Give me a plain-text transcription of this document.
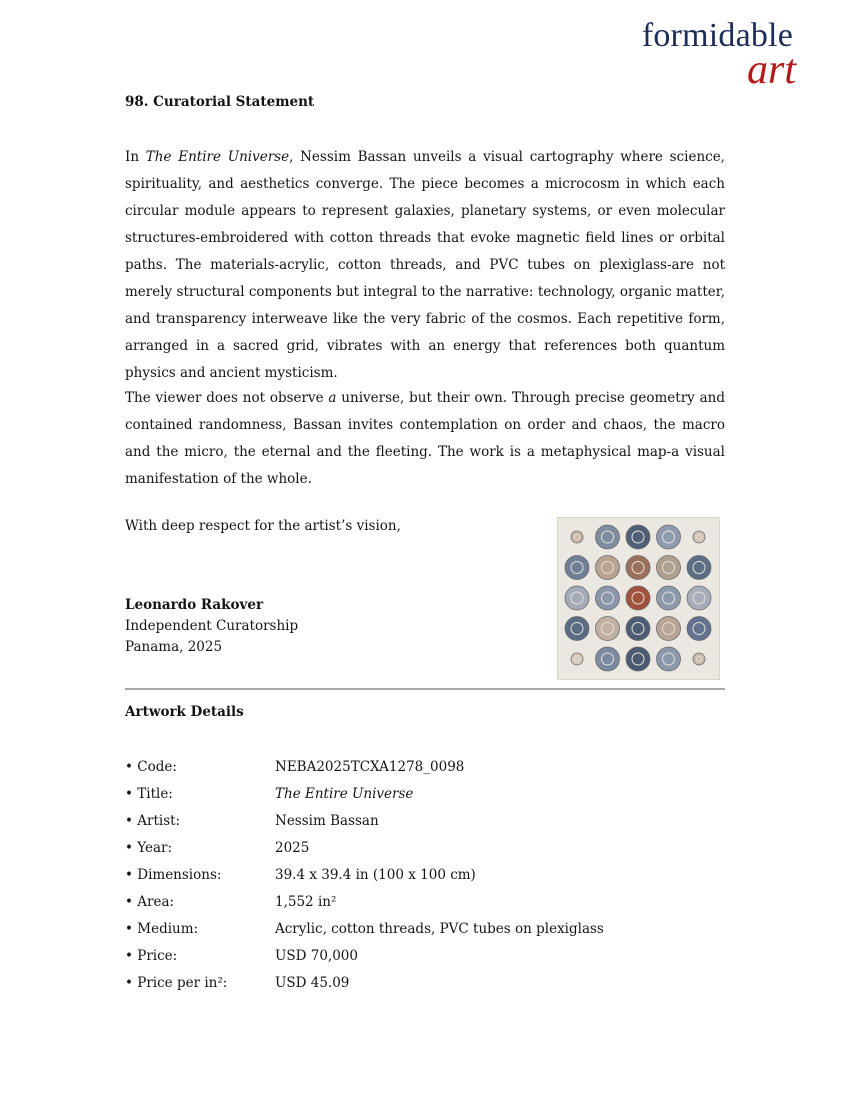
formidable
art
98. Curatorial Statement

In The Entire Universe, Nessim Bassan unveils a visual cartography where science, spirituality, and aesthetics converge. The piece becomes a microcosm in which each circular module appears to represent galaxies, planetary systems, or even molecular structures-embroidered with cotton threads that evoke magnetic field lines or orbital paths. The materials-acrylic, cotton threads, and PVC tubes on plexiglass-are not merely structural components but integral to the narrative: technology, organic matter, and transparency interweave like the very fabric of the cosmos. Each repetitive form, arranged in a sacred grid, vibrates with an energy that references both quantum physics and ancient mysticism.

The viewer does not observe a universe, but their own. Through precise geometry and contained randomness, Bassan invites contemplation on order and chaos, the macro and the micro, the eternal and the fleeting. The work is a metaphysical map-a visual manifestation of the whole.

With deep respect for the artist’s vision,
Leonardo Rakover
Independent Curatorship
Panama, 2025
Artwork Details
• Code:	NEBA2025TCXA1278_0098
• Title:	The Entire Universe
• Artist:	Nessim Bassan
• Year:	2025
• Dimensions:	39.4 x 39.4 in (100 x 100 cm)
• Area:	1,552 in²
• Medium:	Acrylic, cotton threads, PVC tubes on plexiglass
• Price:	USD 70,000
• Price per in²:	USD 45.09
